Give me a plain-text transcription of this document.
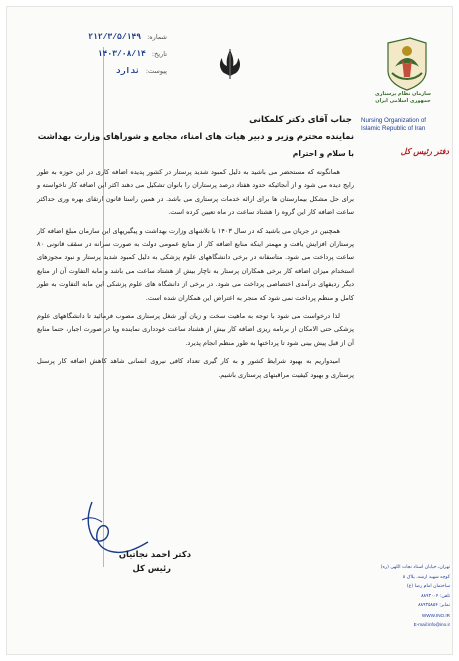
شماره:
۲۱۲/۳/۵/۱۴۹
تاریخ:
۱۴۰۳/۰۸/۱۴
پیوست:
ندارد
سازمان نظام پرستاری
جمهوری اسلامی ایران
Nursing Organization of
Islamic Republic of Iran
دفتر رئیس کل
جناب آقای دکتر کلمکانی
نماینده محترم وزیر و دبیر هیات های امناء، مجامع و شوراهای وزارت بهداشت
با سلام و احترام

همانگونه که مستحضر می باشید به دلیل کمبود شدید پرستار در کشور پدیده اضافه کاری در این حوزه به طور رایج دیده می شود و از آنجائیکه حدود هفتاد درصد پرستاران را بانوان تشکیل می دهند اکثر این اضافه کار ناخواسته و برای حل مشکل بیمارستان ها برای ارائه خدمات پرستاری می باشد. در همین راستا قانون ارتقای بهره وری حداکثر ساعت اضافه کار این گروه را هشتاد ساعت در ماه تعیین کرده است.

همچنین در جریان می باشید که در سال ۱۴۰۳ با تلاشهای وزارت بهداشت و پیگیریهای این سازمان مبلغ اضافه کار پرستاران افزایش یافت و مهمتر اینکه منابع اضافه کار از منابع عمومی دولت به صورت سرانه در سقف قانونی ۸۰ ساعت پرداخت می شود. متاسفانه در برخی دانشگاههای علوم پزشکی به دلیل کمبود شدید پرستار و نبود مجوزهای استخدام میزان اضافه کار برخی همکاران پرستار به ناچار بیش از هشتاد ساعت می باشد و مابه التفاوت آن از منابع دیگر ردیفهای درآمدی اختصاصی پرداخت می شود. در برخی از دانشگاه های علوم پزشکی این مابه التفاوت به طور کامل و منظم پرداخت نمی شود که منجر به اعتراض این همکاران شده است.

لذا درخواست می شود با توجه به ماهیت سخت و زیان آور شغل پرستاری مصوب فرمائید تا دانشگاههای علوم پزشکی حتی الامکان از برنامه ریزی اضافه کار بیش از هشتاد ساعت خودداری نماینده ویا در صورت اجبار، حتما منابع آن از قبل پیش بینی شود تا پرداختها به طور منظم انجام پذیرد.

امیدواریم به بهبود شرایط کشور و به کار گیری تعداد کافی نیروی انسانی شاهد کاهش اضافه کار پرسنل پرستاری و بهبود کیفیت مراقبتهای پرستاری باشیم.

دکتر احمد نجاتیان
رئیس کل	تهران، خیابان استاد نجات اللهی (ره)
کوچه شهید ارشد، پلاک ۸
ساختمان امام رضا (ع)
تلفن: ۸۸۹۳۰۰۴
نمابر: ۸۸۹۳۵۸۵۴
WWW.INO.IR
E-mail:info@ino.ir
